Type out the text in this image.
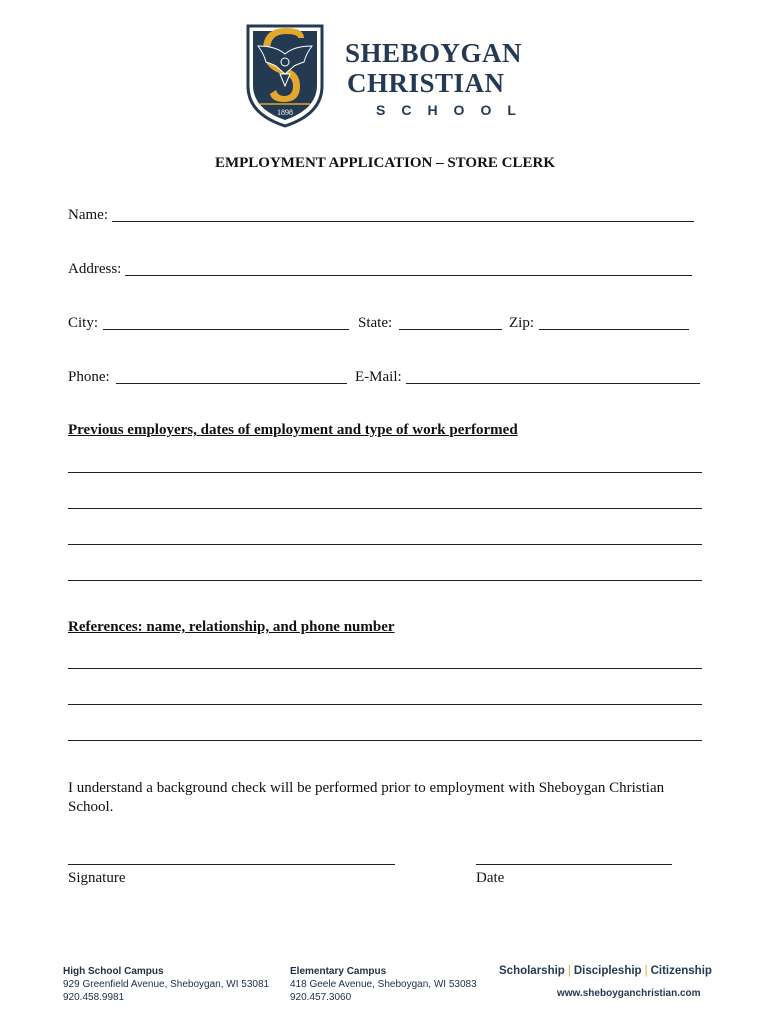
1898
SHEBOYGAN
CHRISTIAN
SCHOOL
EMPLOYMENT APPLICATION – STORE CLERK
Name:
Address:
City:	State:	Zip:
Phone:	E-Mail:
Previous employers, dates of employment and type of work performed
References: name, relationship, and phone number
I understand a background check will be performed prior to employment with Sheboygan Christian School.
Signature	Date
High School Campus
929 Greenfield Avenue, Sheboygan, WI 53081
920.458.9981
Elementary Campus
418 Geele Avenue, Sheboygan, WI 53083
920.457.3060
Scholarship | Discipleship | Citizenship
www.sheboyganchristian.com
